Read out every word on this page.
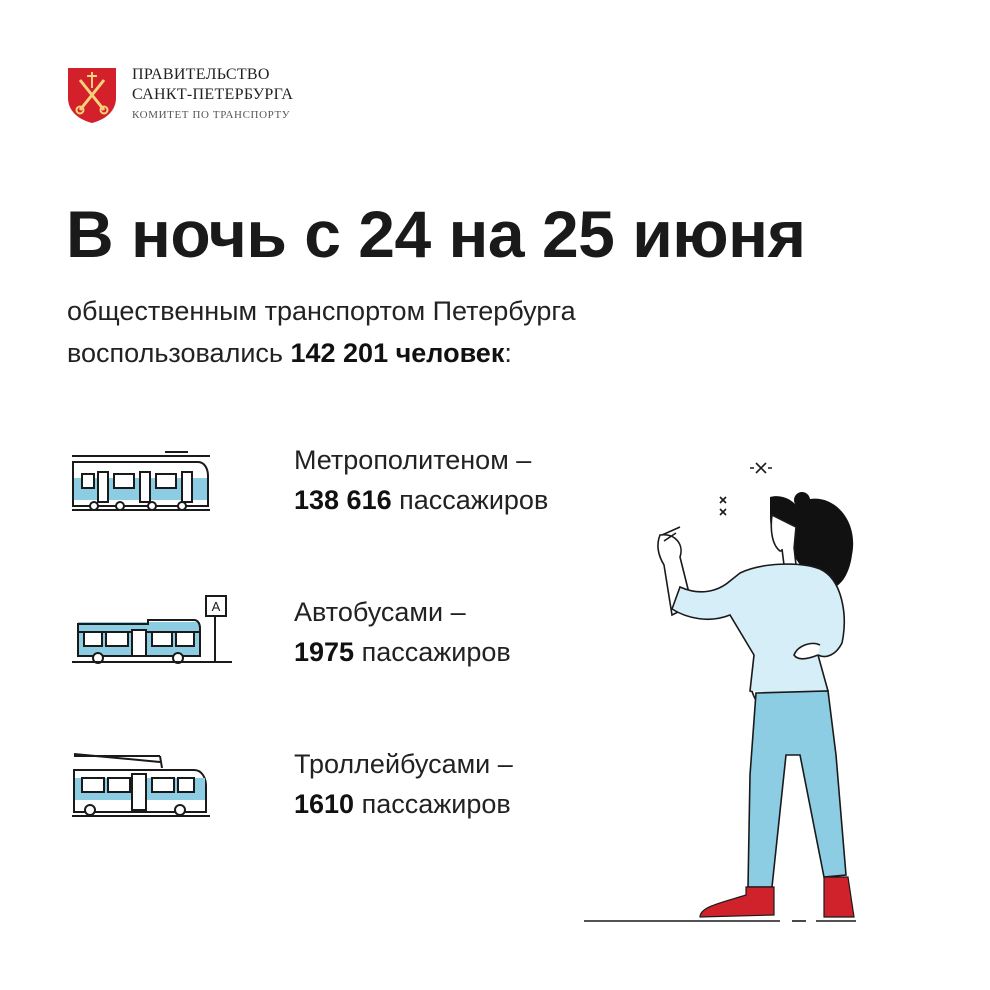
ПРАВИТЕЛЬСТВО
САНКТ-ПЕТЕРБУРГА
КОМИТЕТ ПО ТРАНСПОРТУ
В ночь с 24 на 25 июня
общественным транспортом Петербурга
воспользовались 142 201 человек:
A
Метрополитеном –
138 616 пассажиров
Автобусами –
1975 пассажиров
Троллейбусами –
1610 пассажиров
